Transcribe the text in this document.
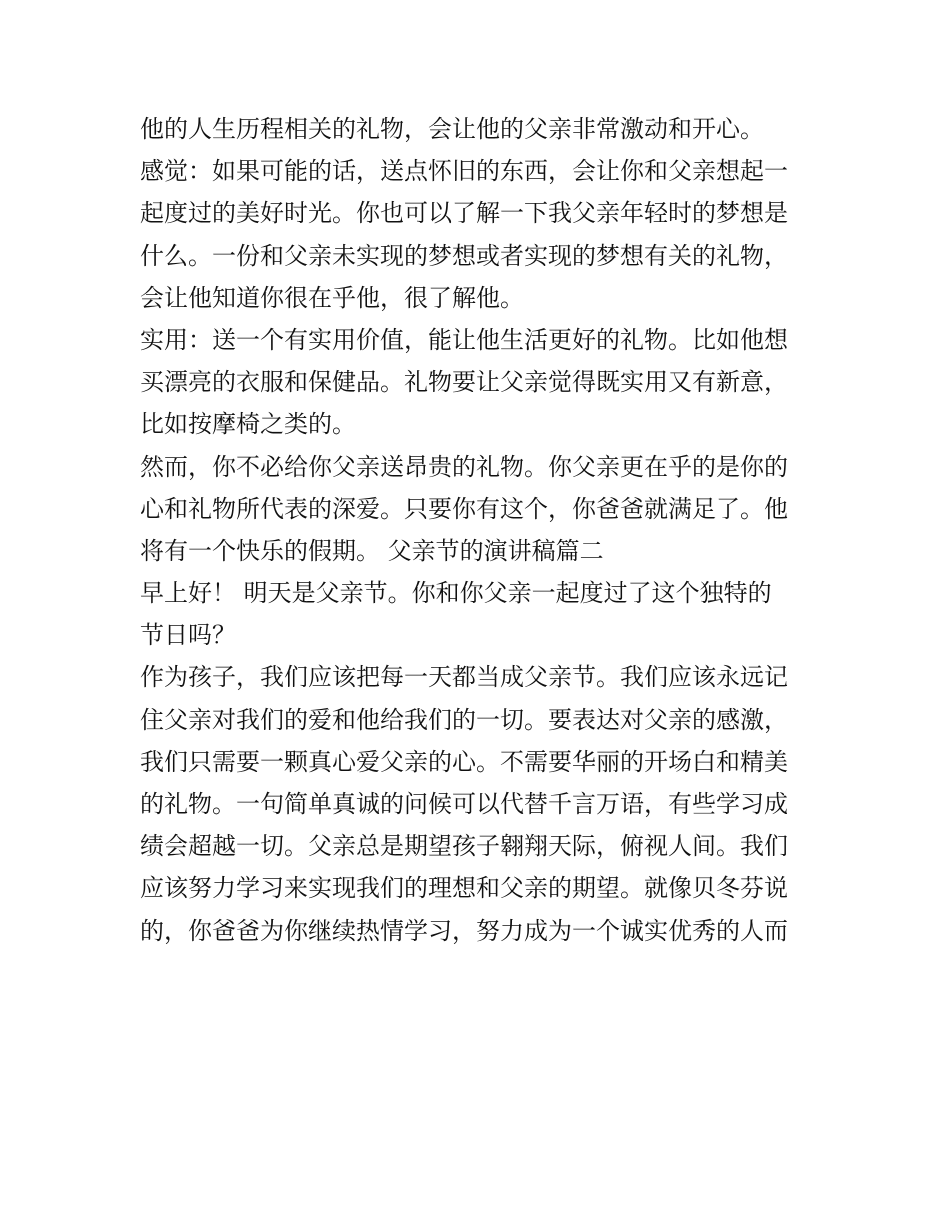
他的人生历程相关的礼物，会让他的父亲非常激动和开心。
感觉：如果可能的话，送点怀旧的东西，会让你和父亲想起一
起度过的美好时光。你也可以了解一下我父亲年轻时的梦想是
什么。一份和父亲未实现的梦想或者实现的梦想有关的礼物，
会让他知道你很在乎他，很了解他。
实用：送一个有实用价值，能让他生活更好的礼物。比如他想
买漂亮的衣服和保健品。礼物要让父亲觉得既实用又有新意，
比如按摩椅之类的。
然而，你不必给你父亲送昂贵的礼物。你父亲更在乎的是你的
心和礼物所代表的深爱。只要你有这个，你爸爸就满足了。他
将有一个快乐的假期。 父亲节的演讲稿篇二
早上好！ 明天是父亲节。你和你父亲一起度过了这个独特的
节日吗？
作为孩子，我们应该把每一天都当成父亲节。我们应该永远记
住父亲对我们的爱和他给我们的一切。要表达对父亲的感激，
我们只需要一颗真心爱父亲的心。不需要华丽的开场白和精美
的礼物。一句简单真诚的问候可以代替千言万语，有些学习成
绩会超越一切。父亲总是期望孩子翱翔天际，俯视人间。我们
应该努力学习来实现我们的理想和父亲的期望。就像贝冬芬说
的，你爸爸为你继续热情学习，努力成为一个诚实优秀的人而
